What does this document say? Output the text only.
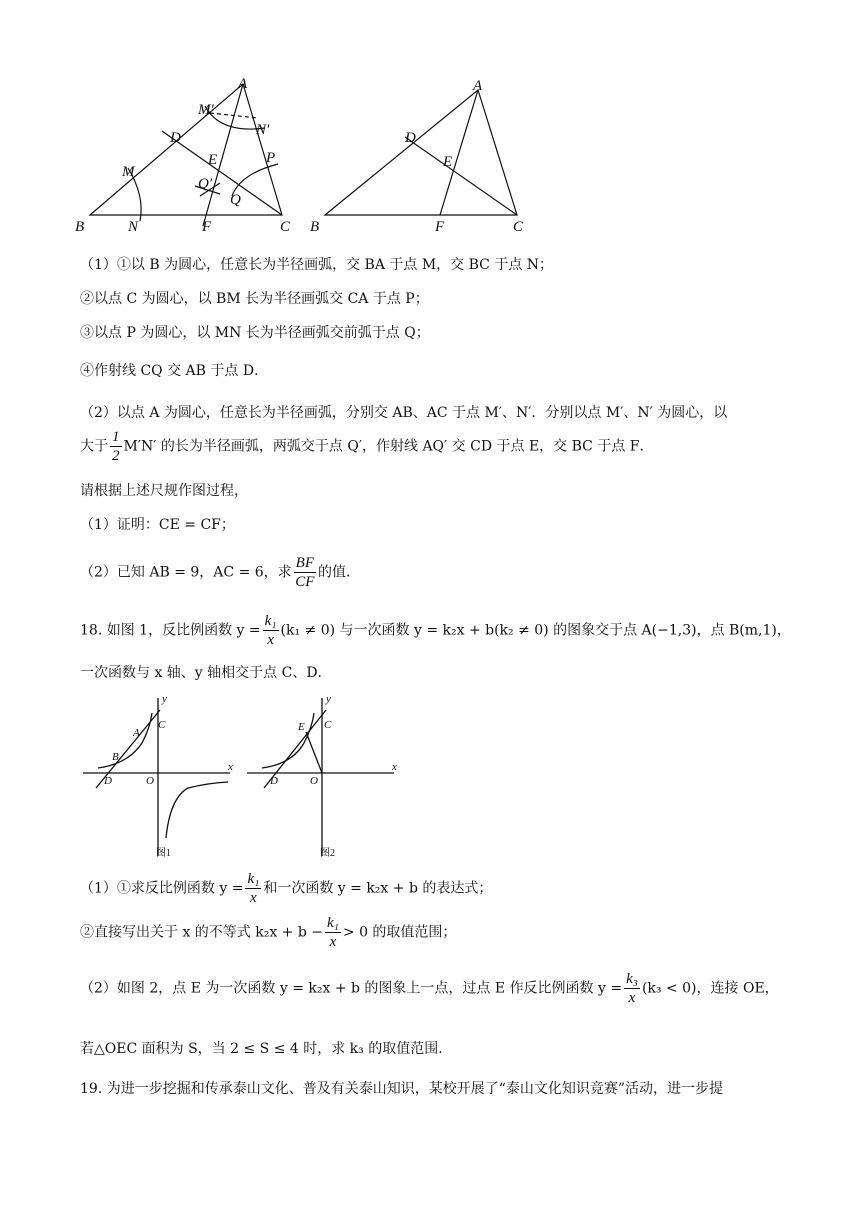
A
B	C
D
E
F
M
N
M′
N′
P
Q
Q′
A
B	C
D
E
F
（1）①以 B 为圆心，任意长为半径画弧，交 BA 于点 M，交 BC 于点 N；
②以点 C 为圆心，以 BM 长为半径画弧交 CA 于点 P；
③以点 P 为圆心，以 MN 长为半径画弧交前弧于点 Q；
④作射线 CQ 交 AB 于点 D．
（2）以点 A 为圆心，任意长为半径画弧，分别交 AB、AC 于点 M′、N′．分别以点 M′、N′ 为圆心，以
大于 $\frac{1}{2} M'N'$ 的长为半径画弧，两弧交于点 Q′，作射线 AQ′ 交 CD 于点 E，交 BC 于点 F．
请根据上述尺规作图过程，
（1）证明：CE = CF；
（2）已知 AB = 9，AC = 6，求 $\frac{BF}{CF}$ 的值．
18. 如图 1，反比例函数 $y = \frac{\text{k₁}}{x} (k_1 \ne 0)$ 与一次函数 y = k₂x + b(k₂ ≠ 0) 的图象交于点 A(−1,3)，点 B(m,1)，
一次函数与 x 轴、y 轴相交于点 C、D．
y
x
A
B
C
D	O
图1
y
x
E C
D	O
图2
（1）①求反比例函数 $y = \frac{\text{k₁}}{x}$ 和一次函数 y = k₂x + b 的表达式；
②直接写出关于 x 的不等式 $k_2x + b - \frac{\text{k₁}}{x} > 0$ 的取值范围；
（2）如图 2，点 E 为一次函数 y = k₂x + b 的图象上一点，过点 E 作反比例函数 $y = \frac{\text{k₃}}{x} (k_3 < 0)$，连接 OE，
若△OEC 面积为 S，当 2 ≤ S ≤ 4 时，求 k₃ 的取值范围．
19. 为进一步挖掘和传承泰山文化、普及有关泰山知识，某校开展了“泰山文化知识竞赛”活动，进一步提
